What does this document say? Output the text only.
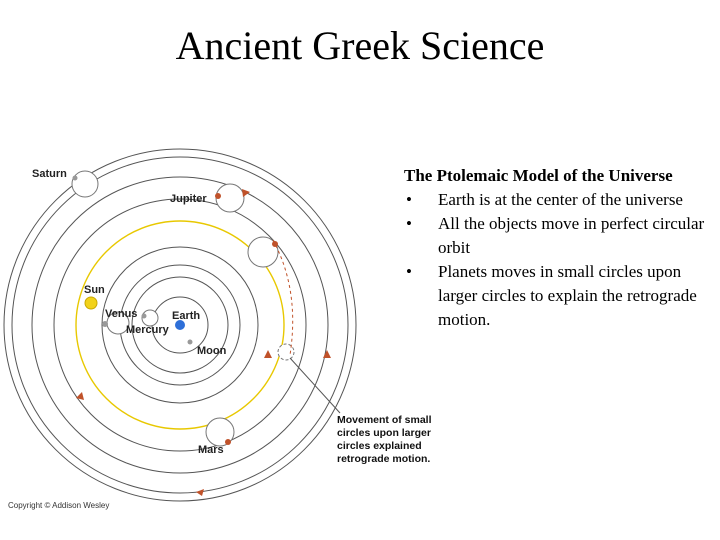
Ancient Greek Science
Saturn
Jupiter
Sun
Venus
Mercury
Earth
Moon
Mars
Movement of small
circles upon larger
circles explained
retrograde motion.
Copyright © Addison Wesley
The Ptolemaic Model of the Universe
• Earth is at the center of the universe
• All the objects move in perfect circular orbit
• Planets moves in small circles upon larger circles to explain the retrograde motion.
